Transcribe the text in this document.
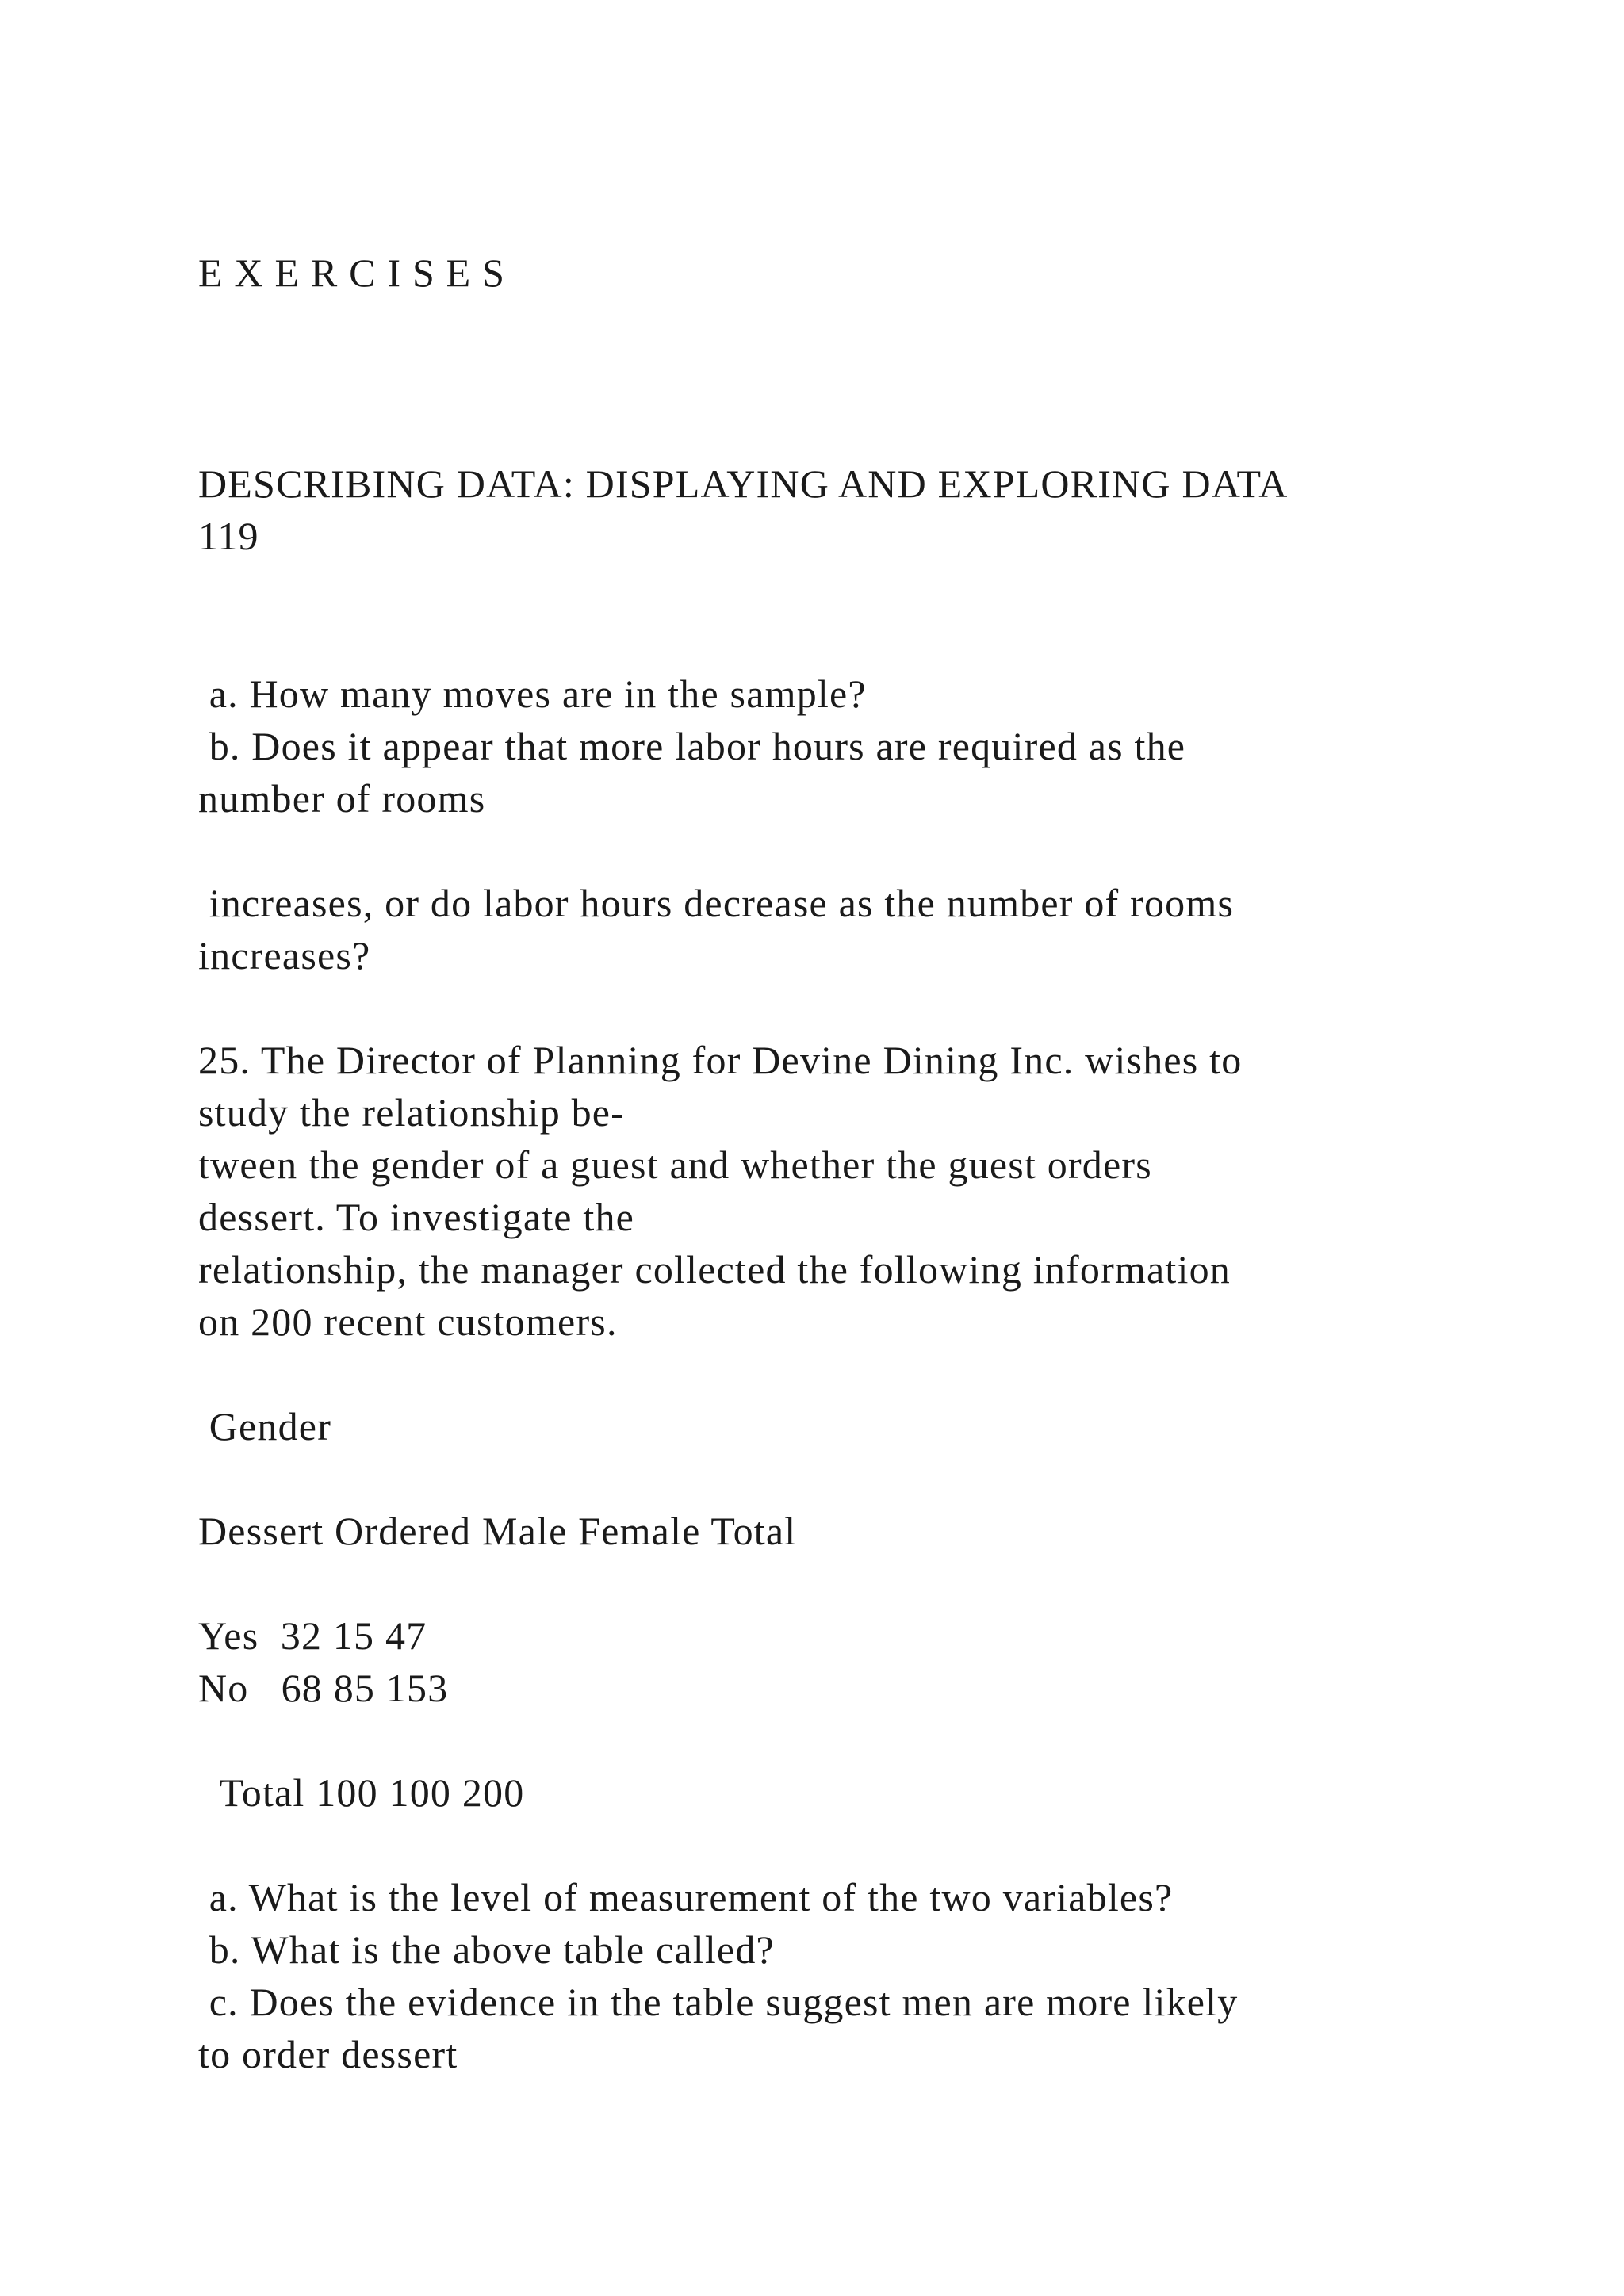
E X E R C I S E S
DESCRIBING DATA: DISPLAYING AND EXPLORING DATA
119
a. How many moves are in the sample?
b. Does it appear that more labor hours are required as the
number of rooms
increases, or do labor hours decrease as the number of rooms
increases?
25. The Director of Planning for Devine Dining Inc. wishes to
study the relationship be-
tween the gender of a guest and whether the guest orders
dessert. To investigate the
relationship, the manager collected the following information
on 200 recent customers.
Gender
Dessert Ordered Male Female Total
Yes  32 15 47
No   68 85 153
Total 100 100 200
a. What is the level of measurement of the two variables?
b. What is the above table called?
c. Does the evidence in the table suggest men are more likely
to order dessert
